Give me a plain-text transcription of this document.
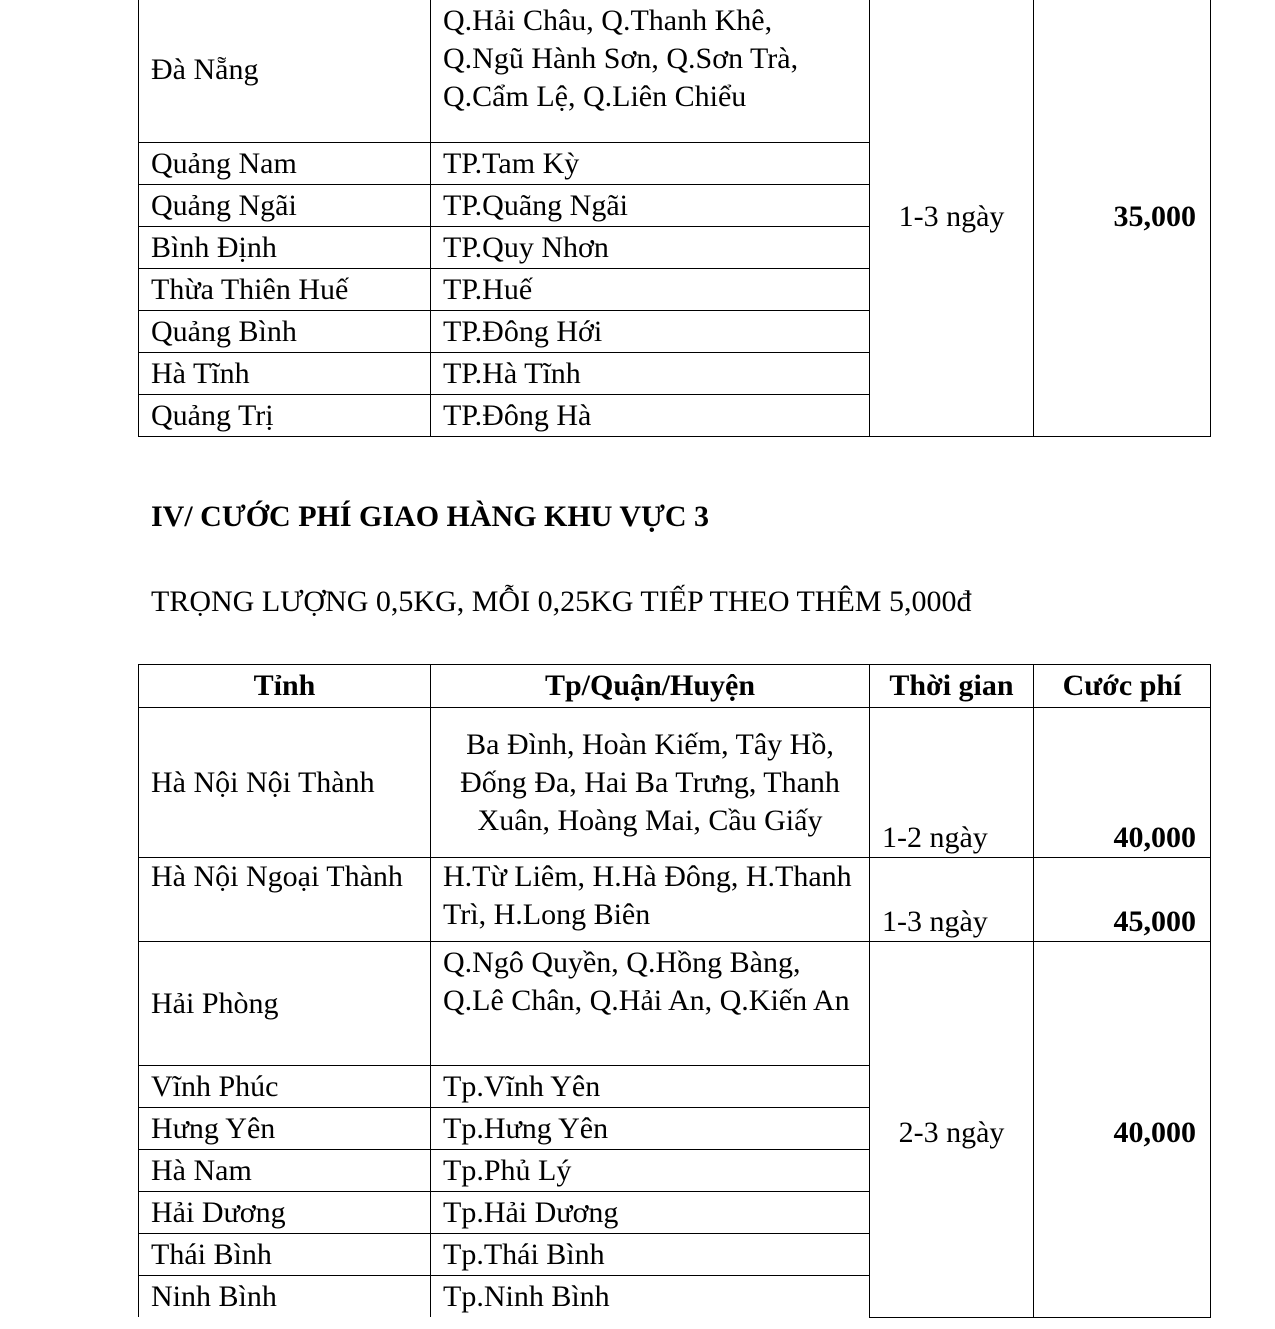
Đà Nẵng	Q.Hải Châu, Q.Thanh Khê, Q.Ngũ Hành Sơn, Q.Sơn Trà, Q.Cẩm Lệ, Q.Liên Chiểu	1-3 ngày	35,000
Quảng Nam	TP.Tam Kỳ		
Quảng Ngãi	TP.Quãng Ngãi		
Bình Định	TP.Quy Nhơn		
Thừa Thiên Huế	TP.Huế		
Quảng Bình	TP.Đông Hới		
Hà Tĩnh	TP.Hà Tĩnh		
Quảng Trị	TP.Đông Hà		

IV/ CƯỚC PHÍ GIAO HÀNG KHU VỰC 3

TRỌNG LƯỢNG 0,5KG, MỖI 0,25KG TIẾP THEO THÊM 5,000đ

Tỉnh	Tp/Quận/Huyện	Thời gian	Cước phí
Hà Nội Nội Thành	Ba Đình, Hoàn Kiếm, Tây Hồ, Đống Đa, Hai Ba Trưng, Thanh Xuân, Hoàng Mai, Cầu Giấy	1-2 ngày	40,000
Hà Nội Ngoại Thành	H.Từ Liêm, H.Hà Đông, H.Thanh Trì, H.Long Biên	1-3 ngày	45,000
Hải Phòng	Q.Ngô Quyền, Q.Hồng Bàng, Q.Lê Chân, Q.Hải An, Q.Kiến An	2-3 ngày	40,000
Vĩnh Phúc	Tp.Vĩnh Yên		
Hưng Yên	Tp.Hưng Yên		
Hà Nam	Tp.Phủ Lý		
Hải Dương	Tp.Hải Dương		
Thái Bình	Tp.Thái Bình		
Ninh Bình	Tp.Ninh Bình		
